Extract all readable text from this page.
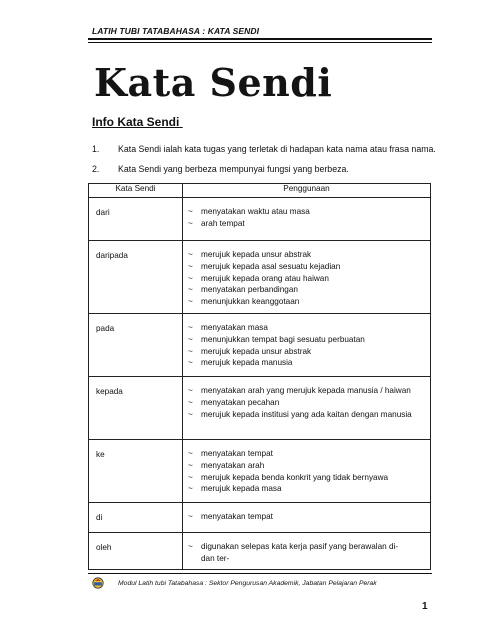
LATIH TUBI TATABAHASA : KATA SENDI
Kata Sendi
Info Kata Sendi
1. Kata Sendi ialah kata tugas yang terletak di hadapan kata nama atau frasa nama.
2. Kata Sendi yang berbeza mempunyai fungsi yang berbeza.
Kata Sendi	Penggunaan
dari	~ menyatakan waktu atau masa
~ arah tempat

daripada	~ merujuk kepada unsur abstrak
~ merujuk kepada asal sesuatu kejadian
~ merujuk kepada orang atau haiwan
~ menyatakan perbandingan
~ menunjukkan keanggotaan

pada	~ menyatakan masa
~ menunjukkan tempat bagi sesuatu perbuatan
~ merujuk kepada unsur abstrak
~ merujuk kepada manusia

kepada	~ menyatakan arah yang merujuk kepada manusia / haiwan
~ menyatakan pecahan
~ merujuk kepada institusi yang ada kaitan dengan manusia

ke	~ menyatakan tempat
~ menyatakan arah
~ merujuk kepada benda konkrit yang tidak bernyawa
~ merujuk kepada masa

di	~ menyatakan tempat

oleh	~ digunakan selepas kata kerja pasif yang berawalan di-
dan ter-
Modul Latih tubi Tatabahasa : Sektor Pengurusan Akademik, Jabatan Pelajaran Perak
1
